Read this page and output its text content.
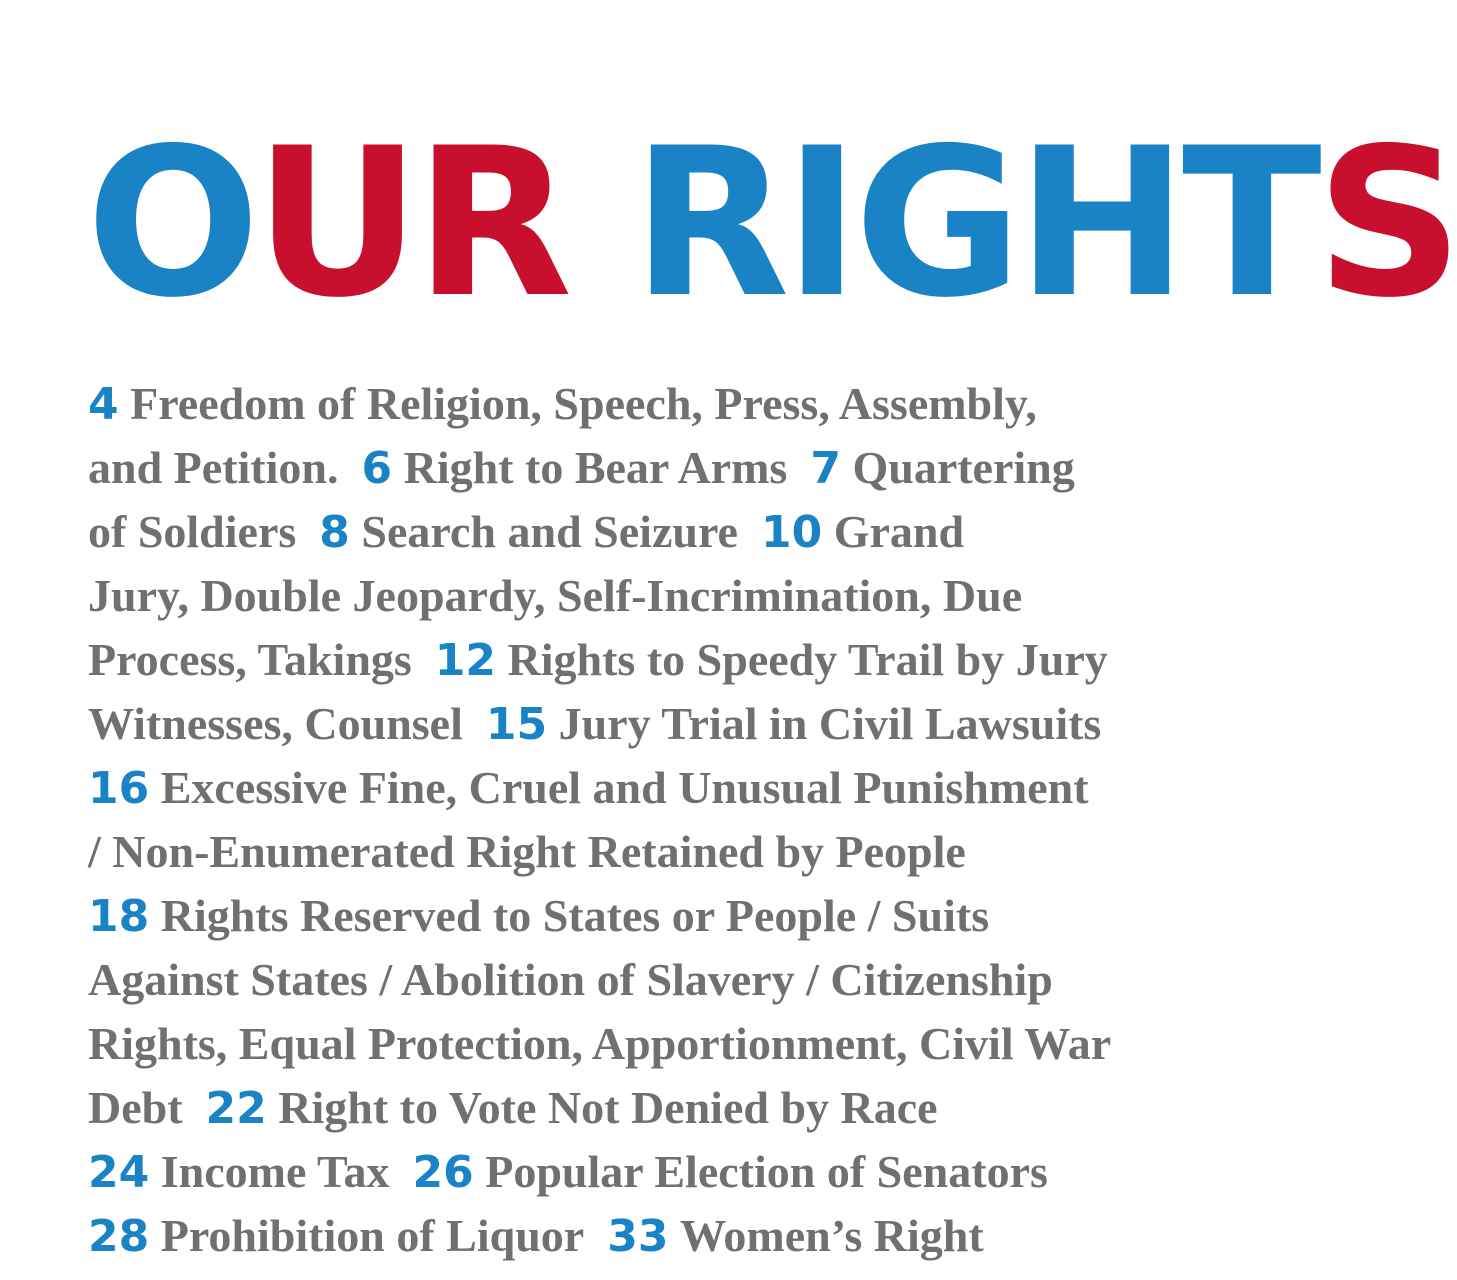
OUR RIGHTS
4 Freedom of Religion, Speech, Press, Assembly,
and Petition. 6 Right to Bear Arms 7 Quartering
of Soldiers 8 Search and Seizure 10 Grand
Jury, Double Jeopardy, Self-Incrimination, Due
Process, Takings 12 Rights to Speedy Trail by Jury
Witnesses, Counsel 15 Jury Trial in Civil Lawsuits
16 Excessive Fine, Cruel and Unusual Punishment
/ Non-Enumerated Right Retained by People
18 Rights Reserved to States or People / Suits
Against States / Abolition of Slavery / Citizenship
Rights, Equal Protection, Apportionment, Civil War
Debt 22 Right to Vote Not Denied by Race
24 Income Tax 26 Popular Election of Senators
28 Prohibition of Liquor 33 Women’s Right
